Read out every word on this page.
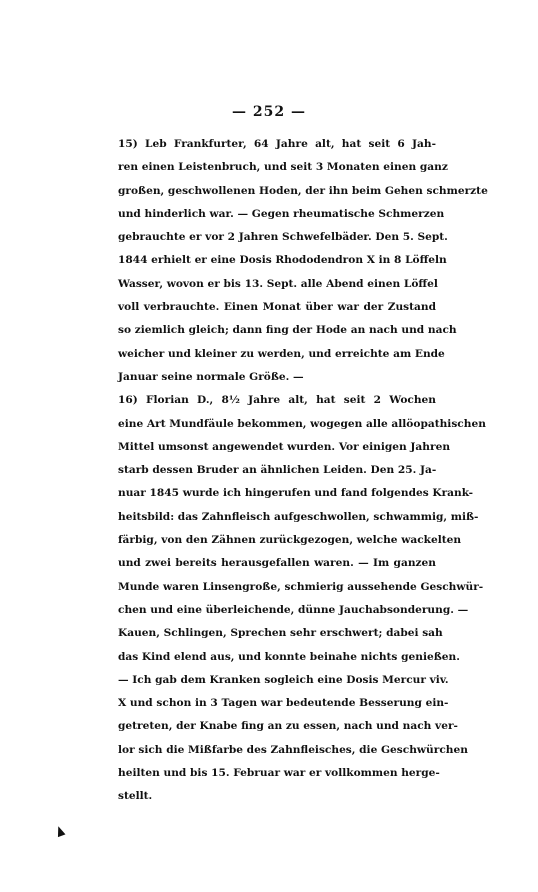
— 252 —
15) Leb Frankfurter, 64 Jahre alt, hat seit 6 Jah-
ren einen Leistenbruch, und seit 3 Monaten einen ganz
großen, geschwollenen Hoden, der ihn beim Gehen schmerzte
und hinderlich war. — Gegen rheumatische Schmerzen
gebrauchte er vor 2 Jahren Schwefelbäder. Den 5. Sept.
1844 erhielt er eine Dosis Rhododendron X in 8 Löffeln
Wasser, wovon er bis 13. Sept. alle Abend einen Löffel
voll verbrauchte. Einen Monat über war der Zustand
so ziemlich gleich; dann fing der Hode an nach und nach
weicher und kleiner zu werden, und erreichte am Ende
Januar seine normale Größe. —
16) Florian D., 8½ Jahre alt, hat seit 2 Wochen
eine Art Mundfäule bekommen, wogegen alle allöopathischen
Mittel umsonst angewendet wurden. Vor einigen Jahren
starb dessen Bruder an ähnlichen Leiden. Den 25. Ja-
nuar 1845 wurde ich hingerufen und fand folgendes Krank-
heitsbild: das Zahnfleisch aufgeschwollen, schwammig, miß-
färbig, von den Zähnen zurückgezogen, welche wackelten
und zwei bereits herausgefallen waren. — Im ganzen
Munde waren Linsengroße, schmierig aussehende Geschwür-
chen und eine überleichende, dünne Jauchabsonderung. —
Kauen, Schlingen, Sprechen sehr erschwert; dabei sah
das Kind elend aus, und konnte beinahe nichts genießen.
— Ich gab dem Kranken sogleich eine Dosis Mercur viv.
X und schon in 3 Tagen war bedeutende Besserung ein-
getreten, der Knabe fing an zu essen, nach und nach ver-
lor sich die Mißfarbe des Zahnfleisches, die Geschwürchen
heilten und bis 15. Februar war er vollkommen herge-
stellt.
